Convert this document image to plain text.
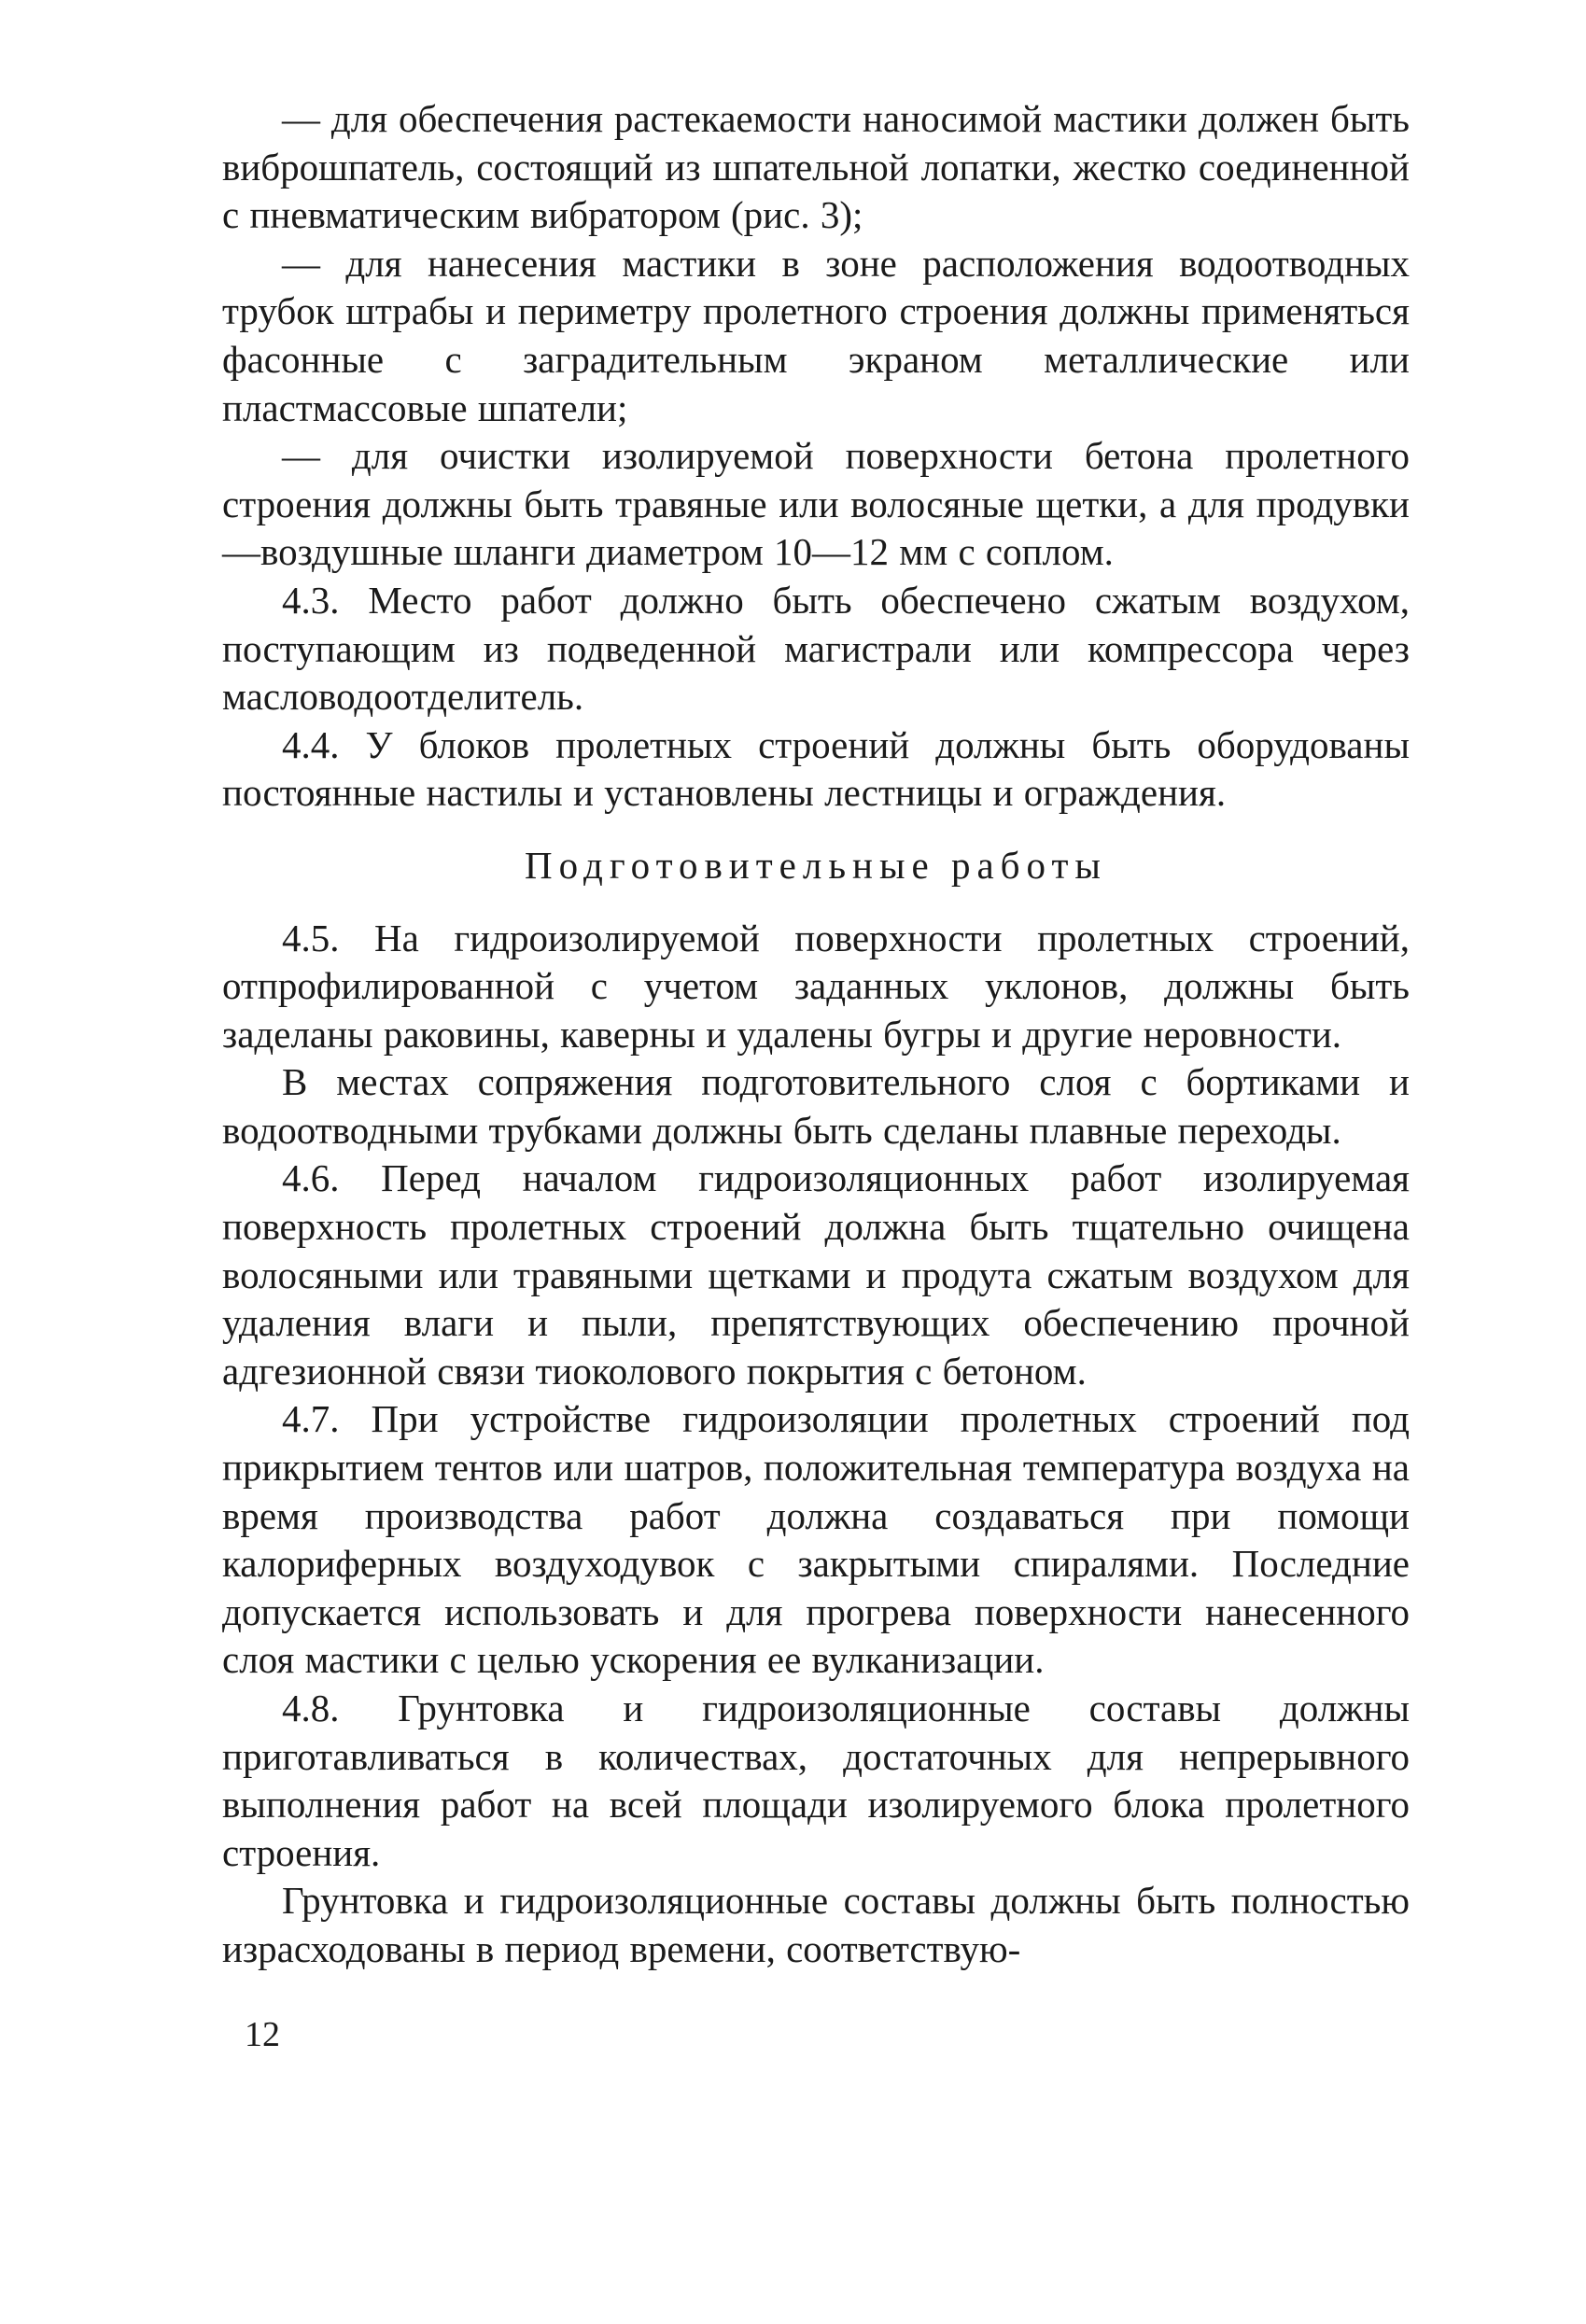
— для обеспечения растекаемости наносимой мастики должен быть виброшпатель, состоящий из шпательной лопатки, жестко соединенной с пневматическим вибратором (рис. 3);

— для нанесения мастики в зоне расположения водоотводных трубок штрабы и периметру пролетного строения должны применяться фасонные с заградительным экраном металлические или пластмассовые шпатели;

— для очистки изолируемой поверхности бетона пролетного строения должны быть травяные или волосяные щетки, а для продувки—воздушные шланги диаметром 10—12 мм с соплом.

4.3. Место работ должно быть обеспечено сжатым воздухом, поступающим из подведенной магистрали или компрессора через масловодоотделитель.

4.4. У блоков пролетных строений должны быть оборудованы постоянные настилы и установлены лестницы и ограждения.

Подготовительные работы

4.5. На гидроизолируемой поверхности пролетных строений, отпрофилированной с учетом заданных уклонов, должны быть заделаны раковины, каверны и удалены бугры и другие неровности.

В местах сопряжения подготовительного слоя с бортиками и водоотводными трубками должны быть сделаны плавные переходы.

4.6. Перед началом гидроизоляционных работ изолируемая поверхность пролетных строений должна быть тщательно очищена волосяными или травяными щетками и продута сжатым воздухом для удаления влаги и пыли, препятствующих обеспечению прочной адгезионной связи тиоколового покрытия с бетоном.

4.7. При устройстве гидроизоляции пролетных строений под прикрытием тентов или шатров, положительная температура воздуха на время производства работ должна создаваться при помощи калориферных воздуходувок с закрытыми спиралями. Последние допускается использовать и для прогрева поверхности нанесенного слоя мастики с целью ускорения ее вулканизации.

4.8. Грунтовка и гидроизоляционные составы должны приготавливаться в количествах, достаточных для непрерывного выполнения работ на всей площади изолируемого блока пролетного строения.

Грунтовка и гидроизоляционные составы должны быть полностью израсходованы в период времени, соответствую-

12
